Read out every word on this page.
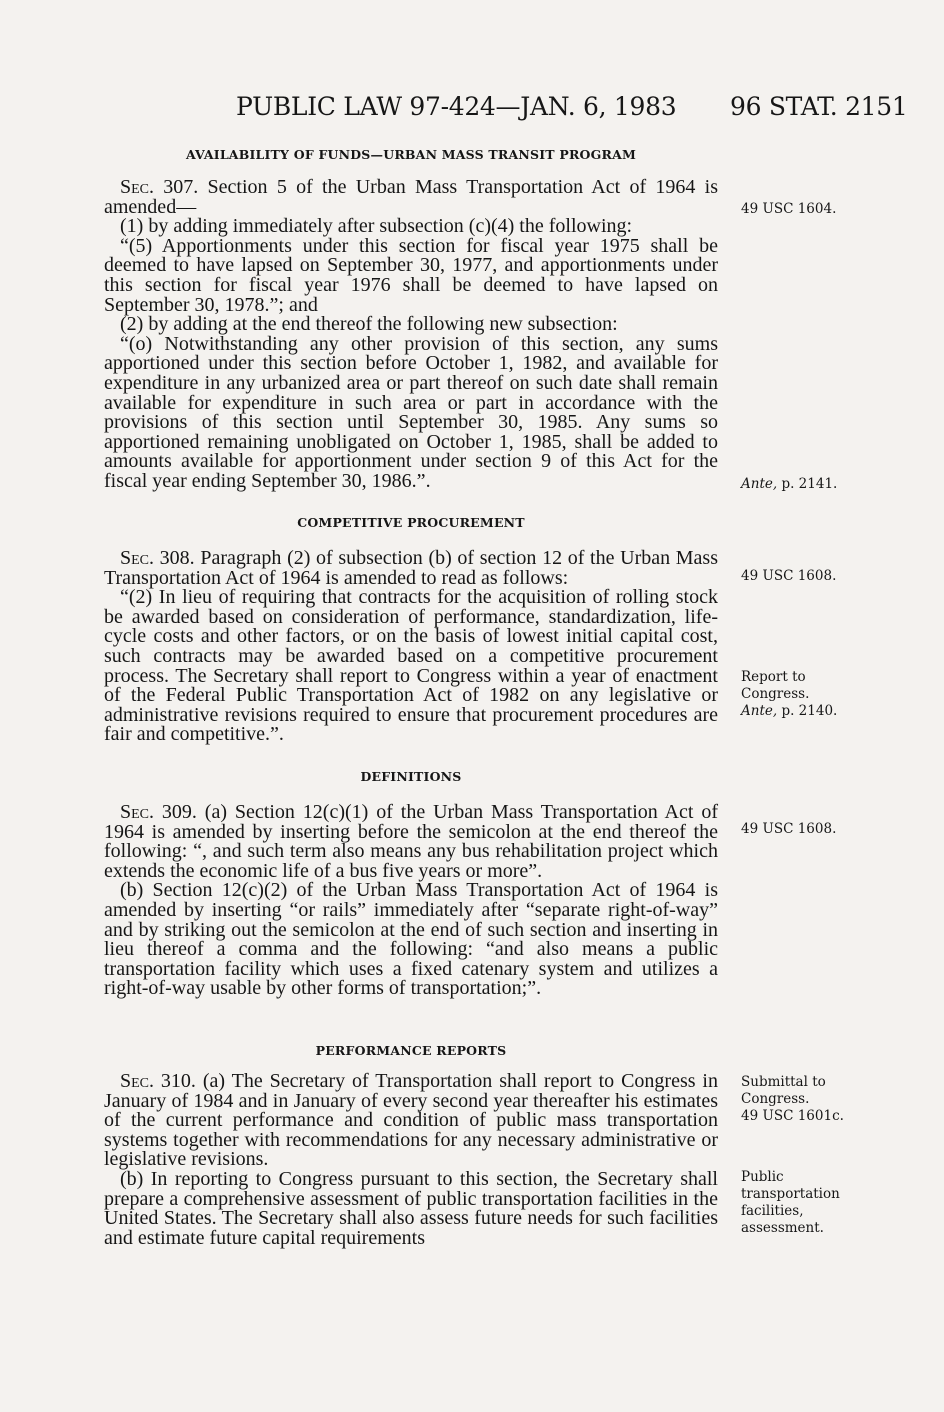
PUBLIC LAW 97-424—JAN. 6, 1983 96 STAT. 2151
AVAILABILITY OF FUNDS—URBAN MASS TRANSIT PROGRAM

Sec. 307. Section 5 of the Urban Mass Transportation Act of 1964 is amended—

(1) by adding immediately after subsection (c)(4) the following:

“(5) Apportionments under this section for fiscal year 1975 shall be deemed to have lapsed on September 30, 1977, and apportionments under this section for fiscal year 1976 shall be deemed to have lapsed on September 30, 1978.”; and

(2) by adding at the end thereof the following new subsection:

“(o) Notwithstanding any other provision of this section, any sums apportioned under this section before October 1, 1982, and available for expenditure in any urbanized area or part thereof on such date shall remain available for expenditure in such area or part in accordance with the provisions of this section until September 30, 1985. Any sums so apportioned remaining unobligated on October 1, 1985, shall be added to amounts available for apportionment under section 9 of this Act for the fiscal year ending September 30, 1986.”.

COMPETITIVE PROCUREMENT

Sec. 308. Paragraph (2) of subsection (b) of section 12 of the Urban Mass Transportation Act of 1964 is amended to read as follows:

“(2) In lieu of requiring that contracts for the acquisition of rolling stock be awarded based on consideration of performance, standardization, life-cycle costs and other factors, or on the basis of lowest initial capital cost, such contracts may be awarded based on a competitive procurement process. The Secretary shall report to Congress within a year of enactment of the Federal Public Transportation Act of 1982 on any legislative or administrative revisions required to ensure that procurement procedures are fair and competitive.”.

DEFINITIONS

Sec. 309. (a) Section 12(c)(1) of the Urban Mass Transportation Act of 1964 is amended by inserting before the semicolon at the end thereof the following: “, and such term also means any bus rehabilitation project which extends the economic life of a bus five years or more”.

(b) Section 12(c)(2) of the Urban Mass Transportation Act of 1964 is amended by inserting “or rails” immediately after “separate right-of-way” and by striking out the semicolon at the end of such section and inserting in lieu thereof a comma and the following: “and also means a public transportation facility which uses a fixed catenary system and utilizes a right-of-way usable by other forms of transportation;”.

PERFORMANCE REPORTS

Sec. 310. (a) The Secretary of Transportation shall report to Congress in January of 1984 and in January of every second year thereafter his estimates of the current performance and condition of public mass transportation systems together with recommendations for any necessary administrative or legislative revisions.

(b) In reporting to Congress pursuant to this section, the Secretary shall prepare a comprehensive assessment of public transportation facilities in the United States. The Secretary shall also assess future needs for such facilities and estimate future capital requirements

49 USC 1604.
Ante, p. 2141.
49 USC 1608.
Report to
Congress.
Ante, p. 2140.
49 USC 1608.
Submittal to
Congress.
49 USC 1601c.
Public
transportation
facilities,
assessment.
